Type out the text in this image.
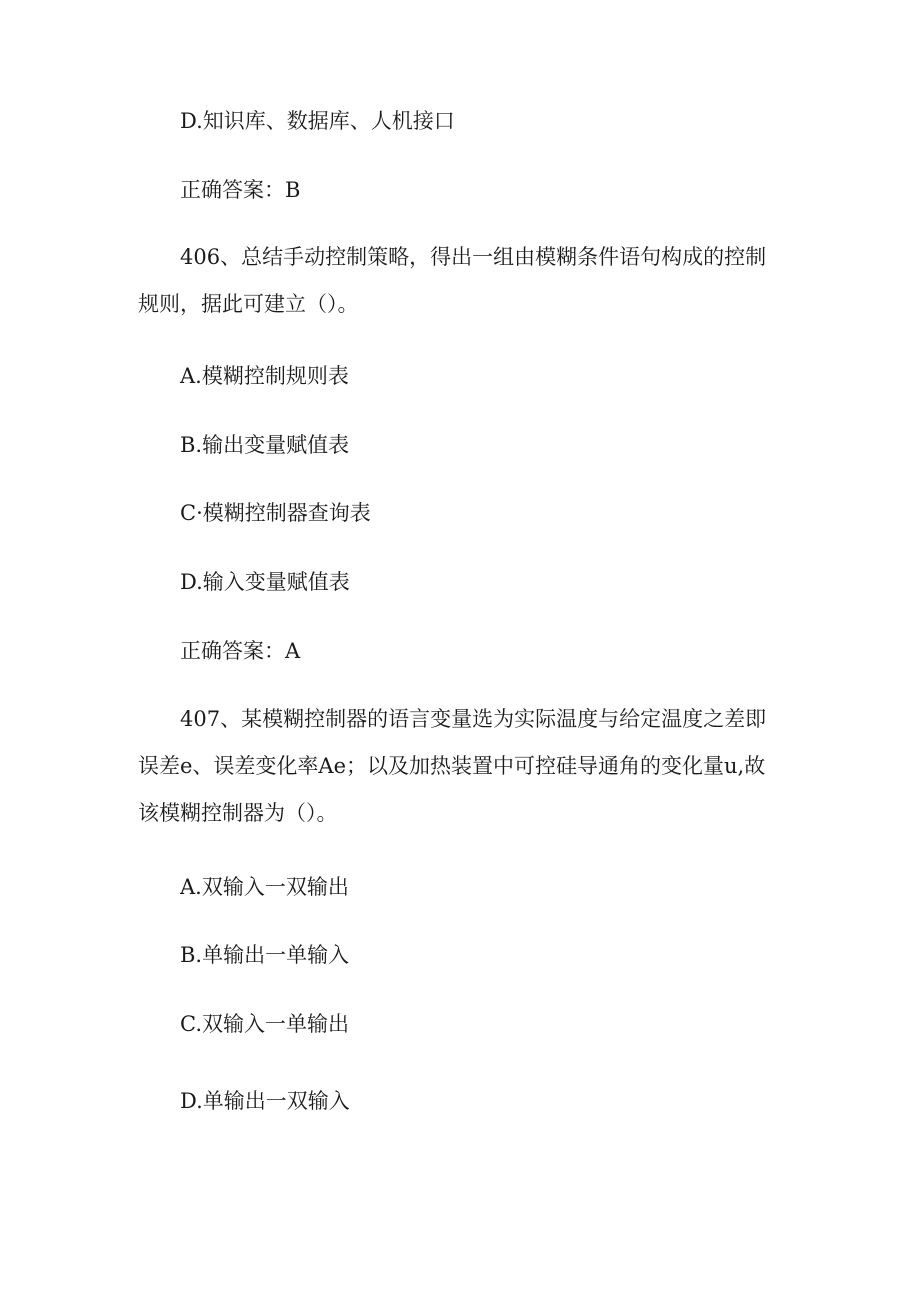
D.知识库、数据库、人机接口
正确答案：B
406、总结手动控制策略，得出一组由模糊条件语句构成的控制
规则，据此可建立（）。
A.模糊控制规则表
B.输出变量赋值表
C·模糊控制器查询表
D.输入变量赋值表
正确答案：A
407、某模糊控制器的语言变量选为实际温度与给定温度之差即
误差e、误差变化率Ae；以及加热装置中可控硅导通角的变化量u,故
该模糊控制器为（）。
A.双输入一双输出
B.单输出一单输入
C.双输入一单输出
D.单输出一双输入
